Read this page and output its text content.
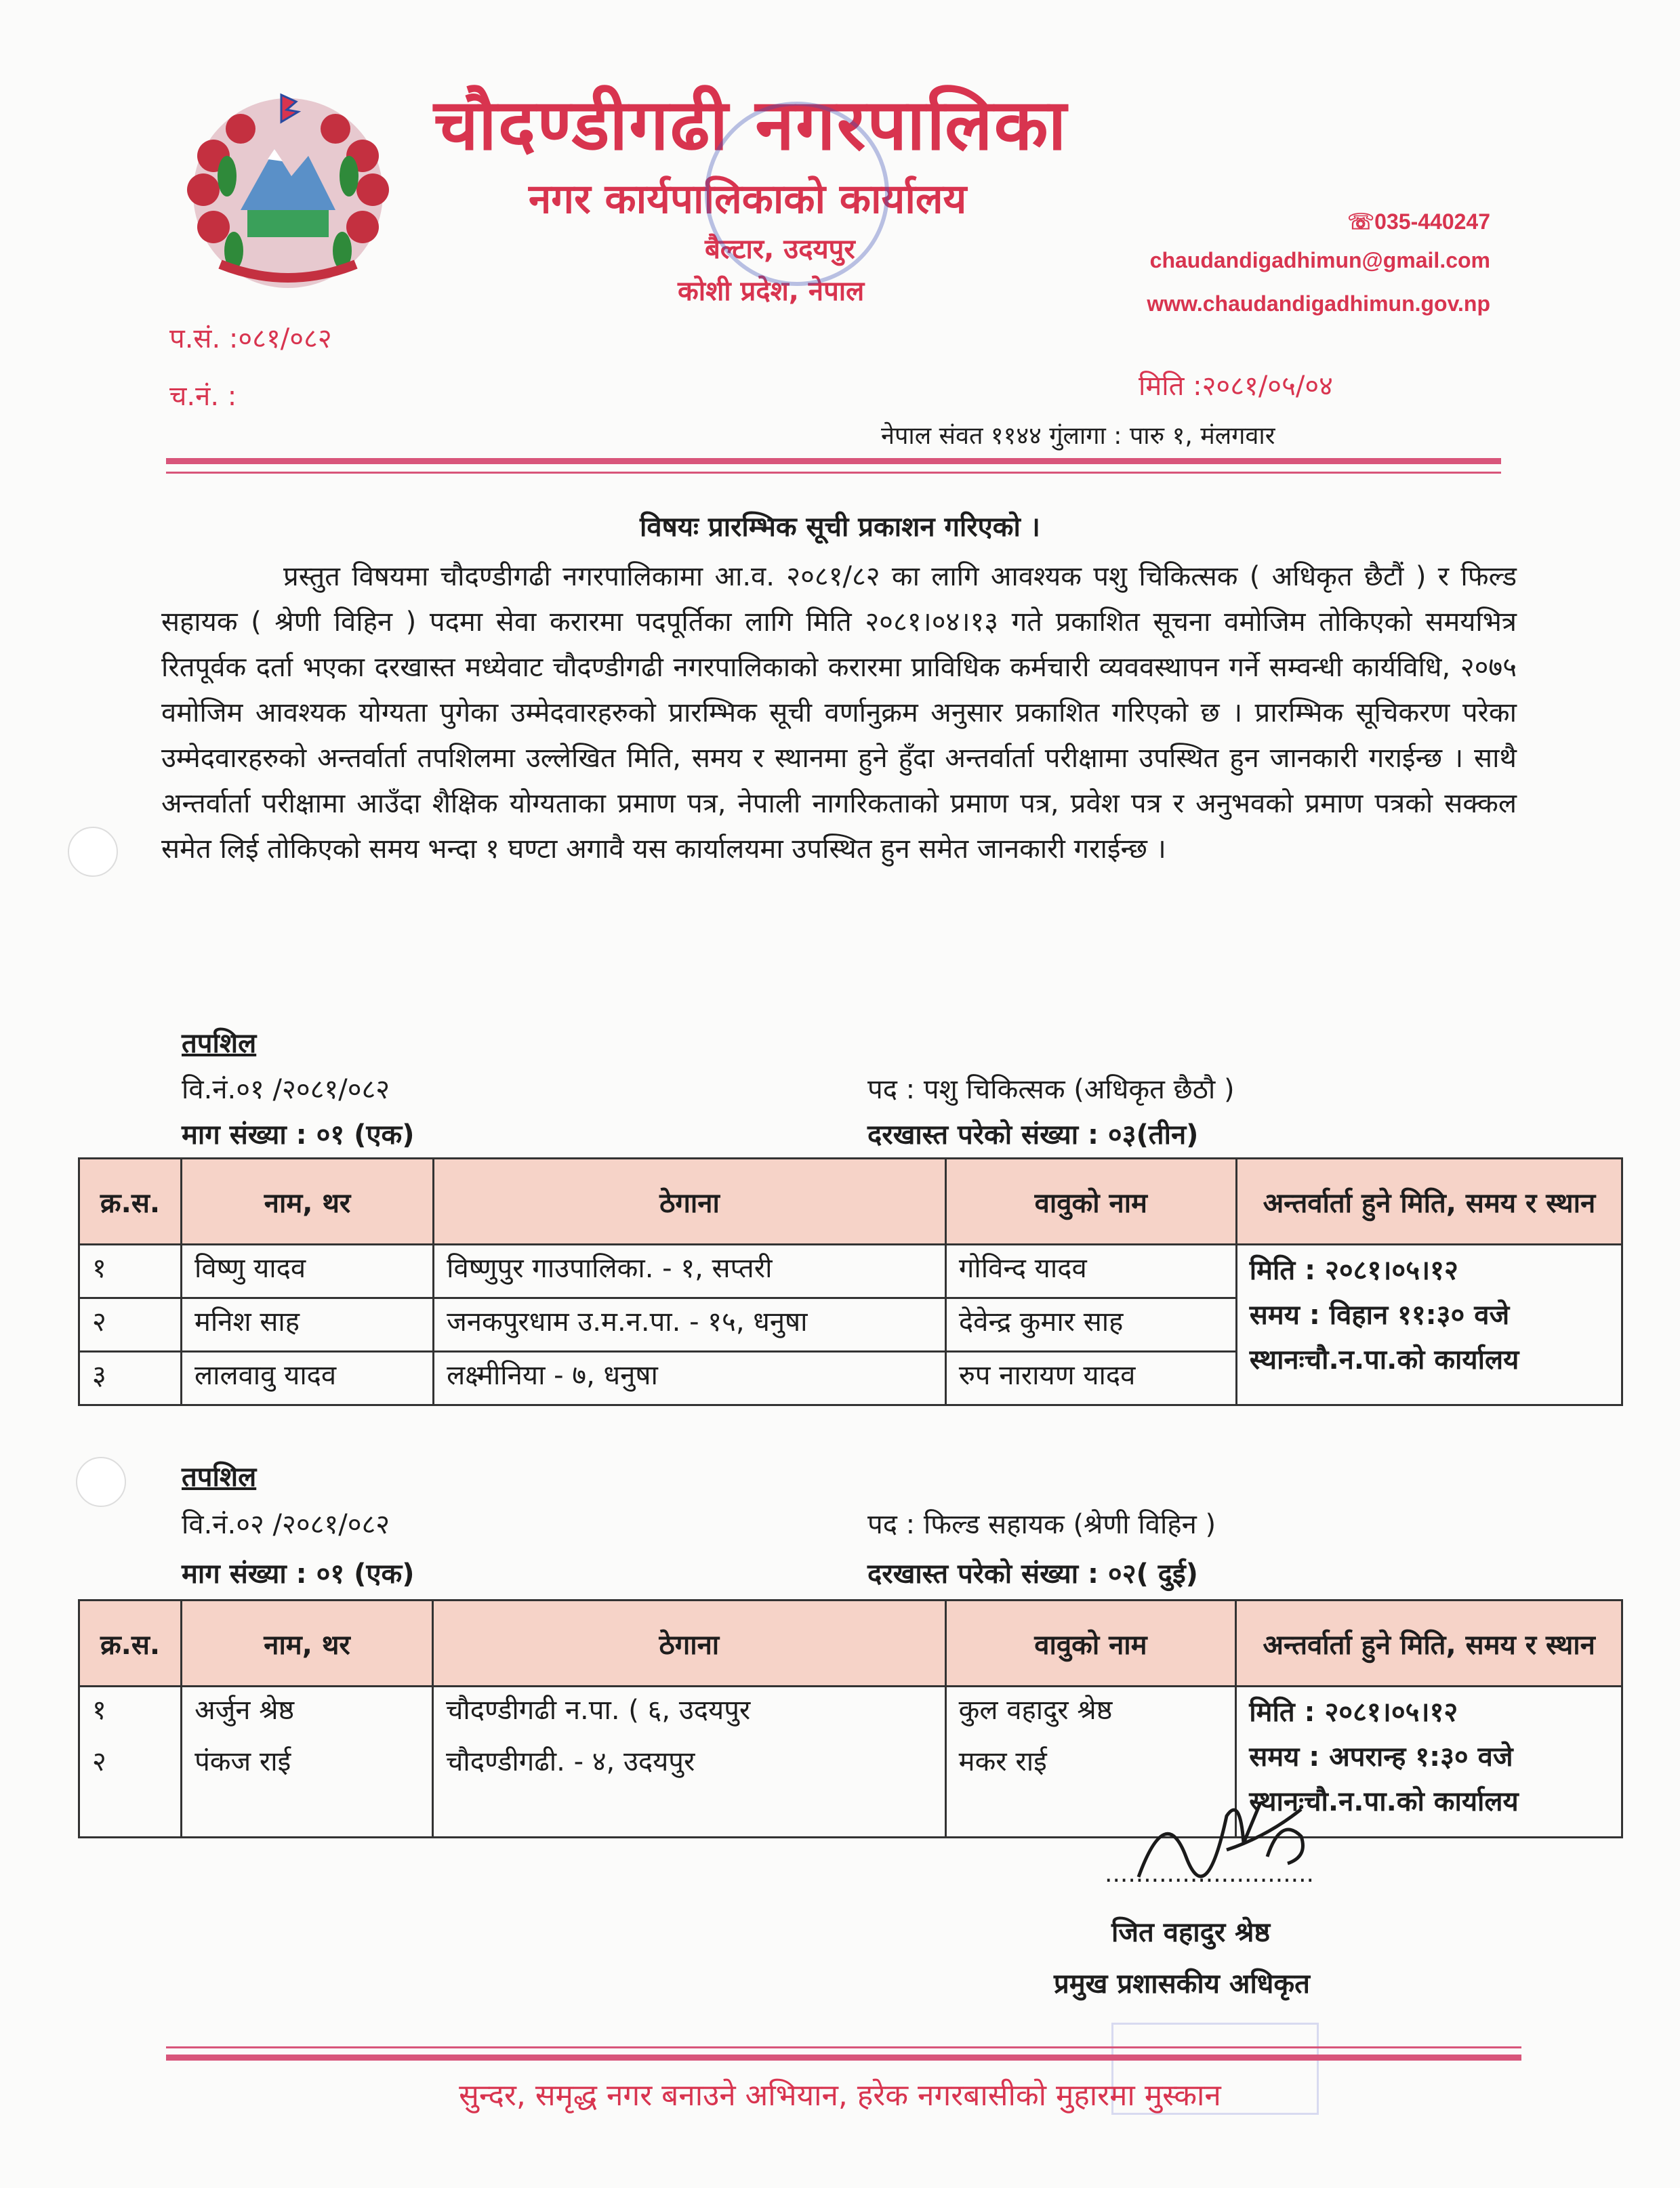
चौदण्डीगढी नगरपालिका
नगर कार्यपालिकाको कार्यालय
बैल्टार, उदयपुर
कोशी प्रदेश, नेपाल
☏035-440247
chaudandigadhimun@gmail.com
www.chaudandigadhimun.gov.np
प.सं. :०८१/०८२
च.नं. :	मिति :२०८१/०५/०४
नेपाल संवत ११४४ गुंलागा : पारु १, मंलगवार
विषयः प्रारम्भिक सूची प्रकाशन गरिएको ।
प्रस्तुत विषयमा चौदण्डीगढी नगरपालिकामा आ.व. २०८१/८२ का लागि आवश्यक पशु चिकित्सक ( अधिकृत छैटौं ) र फिल्ड सहायक ( श्रेणी विहिन ) पदमा सेवा करारमा पदपूर्तिका लागि मिति २०८१।०४।१३ गते प्रकाशित सूचना वमोजिम तोकिएको समयभित्र रितपूर्वक दर्ता भएका दरखास्त मध्येवाट चौदण्डीगढी नगरपालिकाको करारमा प्राविधिक कर्मचारी व्यववस्थापन गर्ने सम्वन्धी कार्यविधि, २०७५ वमोजिम आवश्यक योग्यता पुगेका उम्मेदवारहरुको प्रारम्भिक सूची वर्णानुक्रम अनुसार प्रकाशित गरिएको छ । प्रारम्भिक सूचिकरण परेका उम्मेदवारहरुको अन्तर्वार्ता तपशिलमा उल्लेखित मिति, समय र स्थानमा हुने हुँदा अन्तर्वार्ता परीक्षामा उपस्थित हुन जानकारी गराईन्छ । साथै अन्तर्वार्ता परीक्षामा आउँदा शैक्षिक योग्यताका प्रमाण पत्र, नेपाली नागरिकताको प्रमाण पत्र, प्रवेश पत्र र अनुभवको प्रमाण पत्रको सक्कल समेत लिई तोकिएको समय भन्दा १ घण्टा अगावै यस कार्यालयमा उपस्थित हुन समेत जानकारी गराईन्छ ।
तपशिल
वि.नं.०१ /२०८१/०८२	पद : पशु चिकित्सक (अधिकृत छैठौ )
माग संख्या : ०१ (एक)	दरखास्त परेको संख्या : ०३(तीन)
क्र.स.	नाम, थर	ठेगाना	वावुको नाम	अन्तर्वार्ता हुने मिति, समय र स्थान
१	विष्णु यादव	विष्णुपुर गाउपालिका. - १, सप्तरी	गोविन्द यादव	मिति : २०८१।०५।१२
समय : विहान ११:३० वजे
स्थानःचौ.न.पा.को कार्यालय

२	मनिश साह	जनकपुरधाम उ.म.न.पा. - १५, धनुषा	देवेन्द्र कुमार साह	
३	लालवावु यादव	लक्ष्मीनिया - ७, धनुषा	रुप नारायण यादव	
तपशिल
वि.नं.०२ /२०८१/०८२	पद : फिल्ड सहायक (श्रेणी विहिन )
माग संख्या : ०१ (एक)	दरखास्त परेको संख्या : ०२( दुई)
क्र.स.	नाम, थर	ठेगाना	वावुको नाम	अन्तर्वार्ता हुने मिति, समय र स्थान
१	अर्जुन श्रेष्ठ	चौदण्डीगढी न.पा. ( ६, उदयपुर	कुल वहादुर श्रेष्ठ	मिति : २०८१।०५।१२
समय : अपरान्ह १:३० वजे
स्थानःचौ.न.पा.को कार्यालय

२	पंकज राई	चौदण्डीगढी. - ४, उदयपुर	मकर राई	
...........................
जित वहादुर श्रेष्ठ
प्रमुख प्रशासकीय अधिकृत
सुन्दर, समृद्ध नगर बनाउने अभियान, हरेक नगरबासीको मुहारमा मुस्कान
